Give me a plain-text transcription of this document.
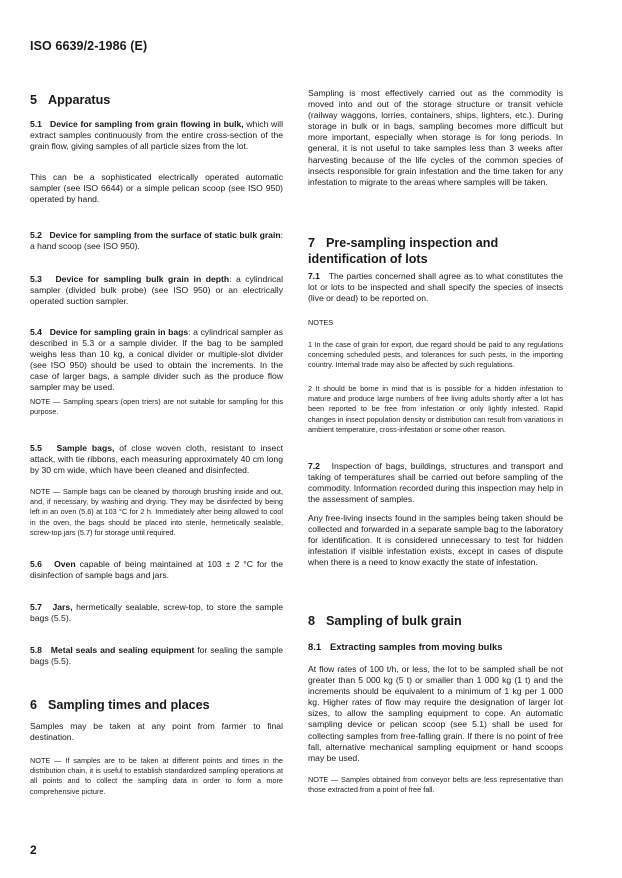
ISO 6639/2-1986 (E)
5 Apparatus

5.1 Device for sampling from grain flowing in bulk, which will extract samples continuously from the entire cross-section of the grain flow, giving samples of all particle sizes from the lot.

This can be a sophisticated electrically operated automatic sampler (see ISO 6644) or a simple pelican scoop (see ISO 950) operated by hand.

5.2 Device for sampling from the surface of static bulk grain: a hand scoop (see ISO 950).

5.3 Device for sampling bulk grain in depth: a cylindrical sampler (divided bulk probe) (see ISO 950) or an electrically operated suction sampler.

5.4 Device for sampling grain in bags: a cylindrical sampler as described in 5.3 or a sample divider. If the bag to be sampled weighs less than 10 kg, a conical divider or multiple-slot divider (see ISO 950) should be used to obtain the increments. In the case of larger bags, a sample divider such as the produce flow sampler may be used.

NOTE — Sampling spears (open triers) are not suitable for sampling for this purpose.

5.5 Sample bags, of close woven cloth, resistant to insect attack, with tie ribbons, each measuring approximately 40 cm long by 30 cm wide, which have been cleaned and disinfected.

NOTE — Sample bags can be cleaned by thorough brushing inside and out, and, if necessary, by washing and drying. They may be disinfected by being left in an oven (5.6) at 103 °C for 2 h. Immediately after being allowed to cool in the oven, the bags should be placed into sterile, hermetically sealable, screw-top jars (5.7) for storage until required.

5.6 Oven capable of being maintained at 103 ± 2 °C for the disinfection of sample bags and jars.

5.7 Jars, hermetically sealable, screw-top, to store the sample bags (5.5).

5.8 Metal seals and sealing equipment for sealing the sample bags (5.5).

6 Sampling times and places

Samples may be taken at any point from farmer to final destination.

NOTE — If samples are to be taken at different points and times in the distribution chain, it is useful to establish standardized sampling operations at all points and to collect the sampling data in order to form a more comprehensive picture.

Sampling is most effectively carried out as the commodity is moved into and out of the storage structure or transit vehicle (railway waggons, lorries, containers, ships, lighters, etc.). During storage in bulk or in bags, sampling becomes more difficult but more important, especially when storage is for long periods. In general, it is not useful to take samples less than 3 weeks after harvesting because of the life cycles of the common species of insects responsible for grain infestation and the time taken for any infestation to migrate to the areas where samples will be taken.

7 Pre-sampling inspection and identification of lots

7.1 The parties concerned shall agree as to what constitutes the lot or lots to be inspected and shall specify the species of insects (live or dead) to be reported on.

NOTES

1 In the case of grain for export, due regard should be paid to any regulations concerning scheduled pests, and tolerances for such pests, in the importing country. Internal trade may also be affected by such regulations.

2 It should be borne in mind that is is possible for a hidden infestation to mature and produce large numbers of free living adults shortly after a lot has been reported to be free from infestation or only lightly infested. Rapid changes in insect population density or distribution can result from variations in ambient temperature, cross-infestation or some other reason.

7.2 Inspection of bags, buildings, structures and transport and taking of temperatures shall be carried out before sampling of the commodity. Information recorded during this inspection may help in the assessment of samples.

Any free-living insects found in the samples being taken should be collected and forwarded in a separate sample bag to the laboratory for identification. It is considered unnecessary to test for hidden infestation if visible infestation exists, except in cases of dispute when there is a need to know exactly the state of infestation.

8 Sampling of bulk grain
8.1 Extracting samples from moving bulks

At flow rates of 100 t/h, or less, the lot to be sampled shall be not greater than 5 000 kg (5 t) or smaller than 1 000 kg (1 t) and the increments should be equivalent to a minimum of 1 kg per 1 000 kg. Higher rates of flow may require the designation of larger lot sizes, to allow the sampling equipment to cope. An automatic sampling device or pelican scoop (see 5.1) shall be used for collecting samples from free-falling grain. If there is no point of free fall, alternative mechanical sampling equipment or hand scoops may be used.

NOTE — Samples obtained from conveyor belts are less representative than those extracted from a point of free fall.

2
